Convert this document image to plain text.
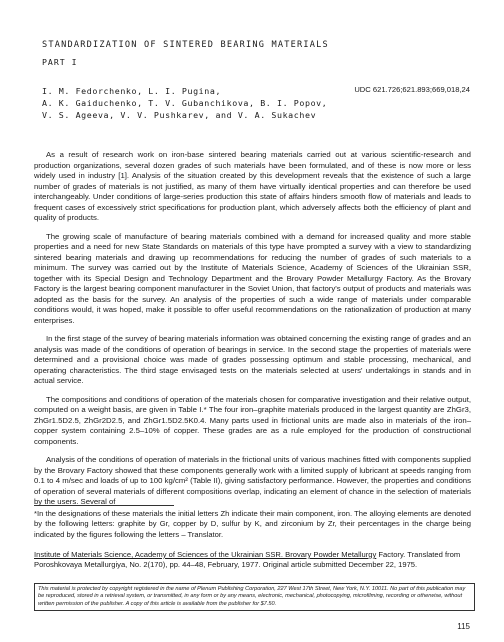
STANDARDIZATION OF SINTERED BEARING MATERIALS
PART I
I. M. Fedorchenko, L. I. Pugina,
A. K. Gaiduchenko, T. V. Gubanchikova, B. I. Popov,
V. S. Ageeva, V. V. Pushkarev, and V. A. Sukachev
UDC 621.726;621.893;669,018,24

As a result of research work on iron-base sintered bearing materials carried out at various scientific-research and production organizations, several dozen grades of such materials have been formulated, and of these is now more or less widely used in industry [1]. Analysis of the situation created by this development reveals that the existence of such a large number of grades of materials is not justified, as many of them have virtually identical properties and can therefore be used interchangeably. Under conditions of large-series production this state of affairs hinders smooth flow of materials and leads to frequent cases of excessively strict specifications for production plant, which adversely affects both the efficiency of plant and quality of products.

The growing scale of manufacture of bearing materials combined with a demand for increased quality and more stable properties and a need for new State Standards on materials of this type have prompted a survey with a view to standardizing sintered bearing materials and drawing up recommendations for reducing the number of grades of such materials to a minimum. The survey was carried out by the Institute of Materials Science, Academy of Sciences of the Ukrainian SSR, together with its Special Design and Technology Department and the Brovary Powder Metallurgy Factory. As the Brovary Factory is the largest bearing component manufacturer in the Soviet Union, that factory's output of products and materials was adopted as the basis for the survey. An analysis of the properties of such a wide range of materials under comparable conditions would, it was hoped, make it possible to offer useful recommendations on the rationalization of production at many enterprises.

In the first stage of the survey of bearing materials information was obtained concerning the existing range of grades and an analysis was made of the conditions of operation of bearings in service. In the second stage the properties of materials were determined and a provisional choice was made of grades possessing optimum and stable processing, mechanical, and operating characteristics. The third stage envisaged tests on the materials selected at users' undertakings in stands and in actual service.

The compositions and conditions of operation of the materials chosen for comparative investigation and their relative output, computed on a weight basis, are given in Table I.* The four iron–graphite materials produced in the largest quantity are ZhGr3, ZhGr1.5D2.5, ZhGr2D2.5, and ZhGr1.5D2.5K0.4. Many parts used in frictional units are made also in materials of the iron–copper system containing 2.5–10% of copper. These grades are as a rule employed for the production of constructional components.

Analysis of the conditions of operation of materials in the frictional units of various machines fitted with components supplied by the Brovary Factory showed that these components generally work with a limited supply of lubricant at speeds ranging from 0.1 to 4 m/sec and loads of up to 100 kg/cm² (Table II), giving satisfactory performance. However, the properties and conditions of operation of several materials of different compositions overlap, indicating an element of chance in the selection of materials by the users. Several of

*In the designations of these materials the initial letters Zh indicate their main component, iron. The alloying elements are denoted by the following letters: graphite by Gr, copper by D, sulfur by K, and zirconium by Zr, their percentages in the charge being indicated by the figures following the letters – Translator.
Institute of Materials Science, Academy of Sciences of the Ukrainian SSR. Brovary Powder Metallurgy Factory. Translated from Poroshkovaya Metallurgiya, No. 2(170), pp. 44–48, February, 1977. Original article submitted December 22, 1975.
This material is protected by copyright registered in the name of Plenum Publishing Corporation, 227 West 17th Street, New York, N.Y. 10011. No part of this publication may be reproduced, stored in a retrieval system, or transmitted, in any form or by any means, electronic, mechanical, photocopying, microfilming, recording or otherwise, without written permission of the publisher. A copy of this article is available from the publisher for $7.50.
115
